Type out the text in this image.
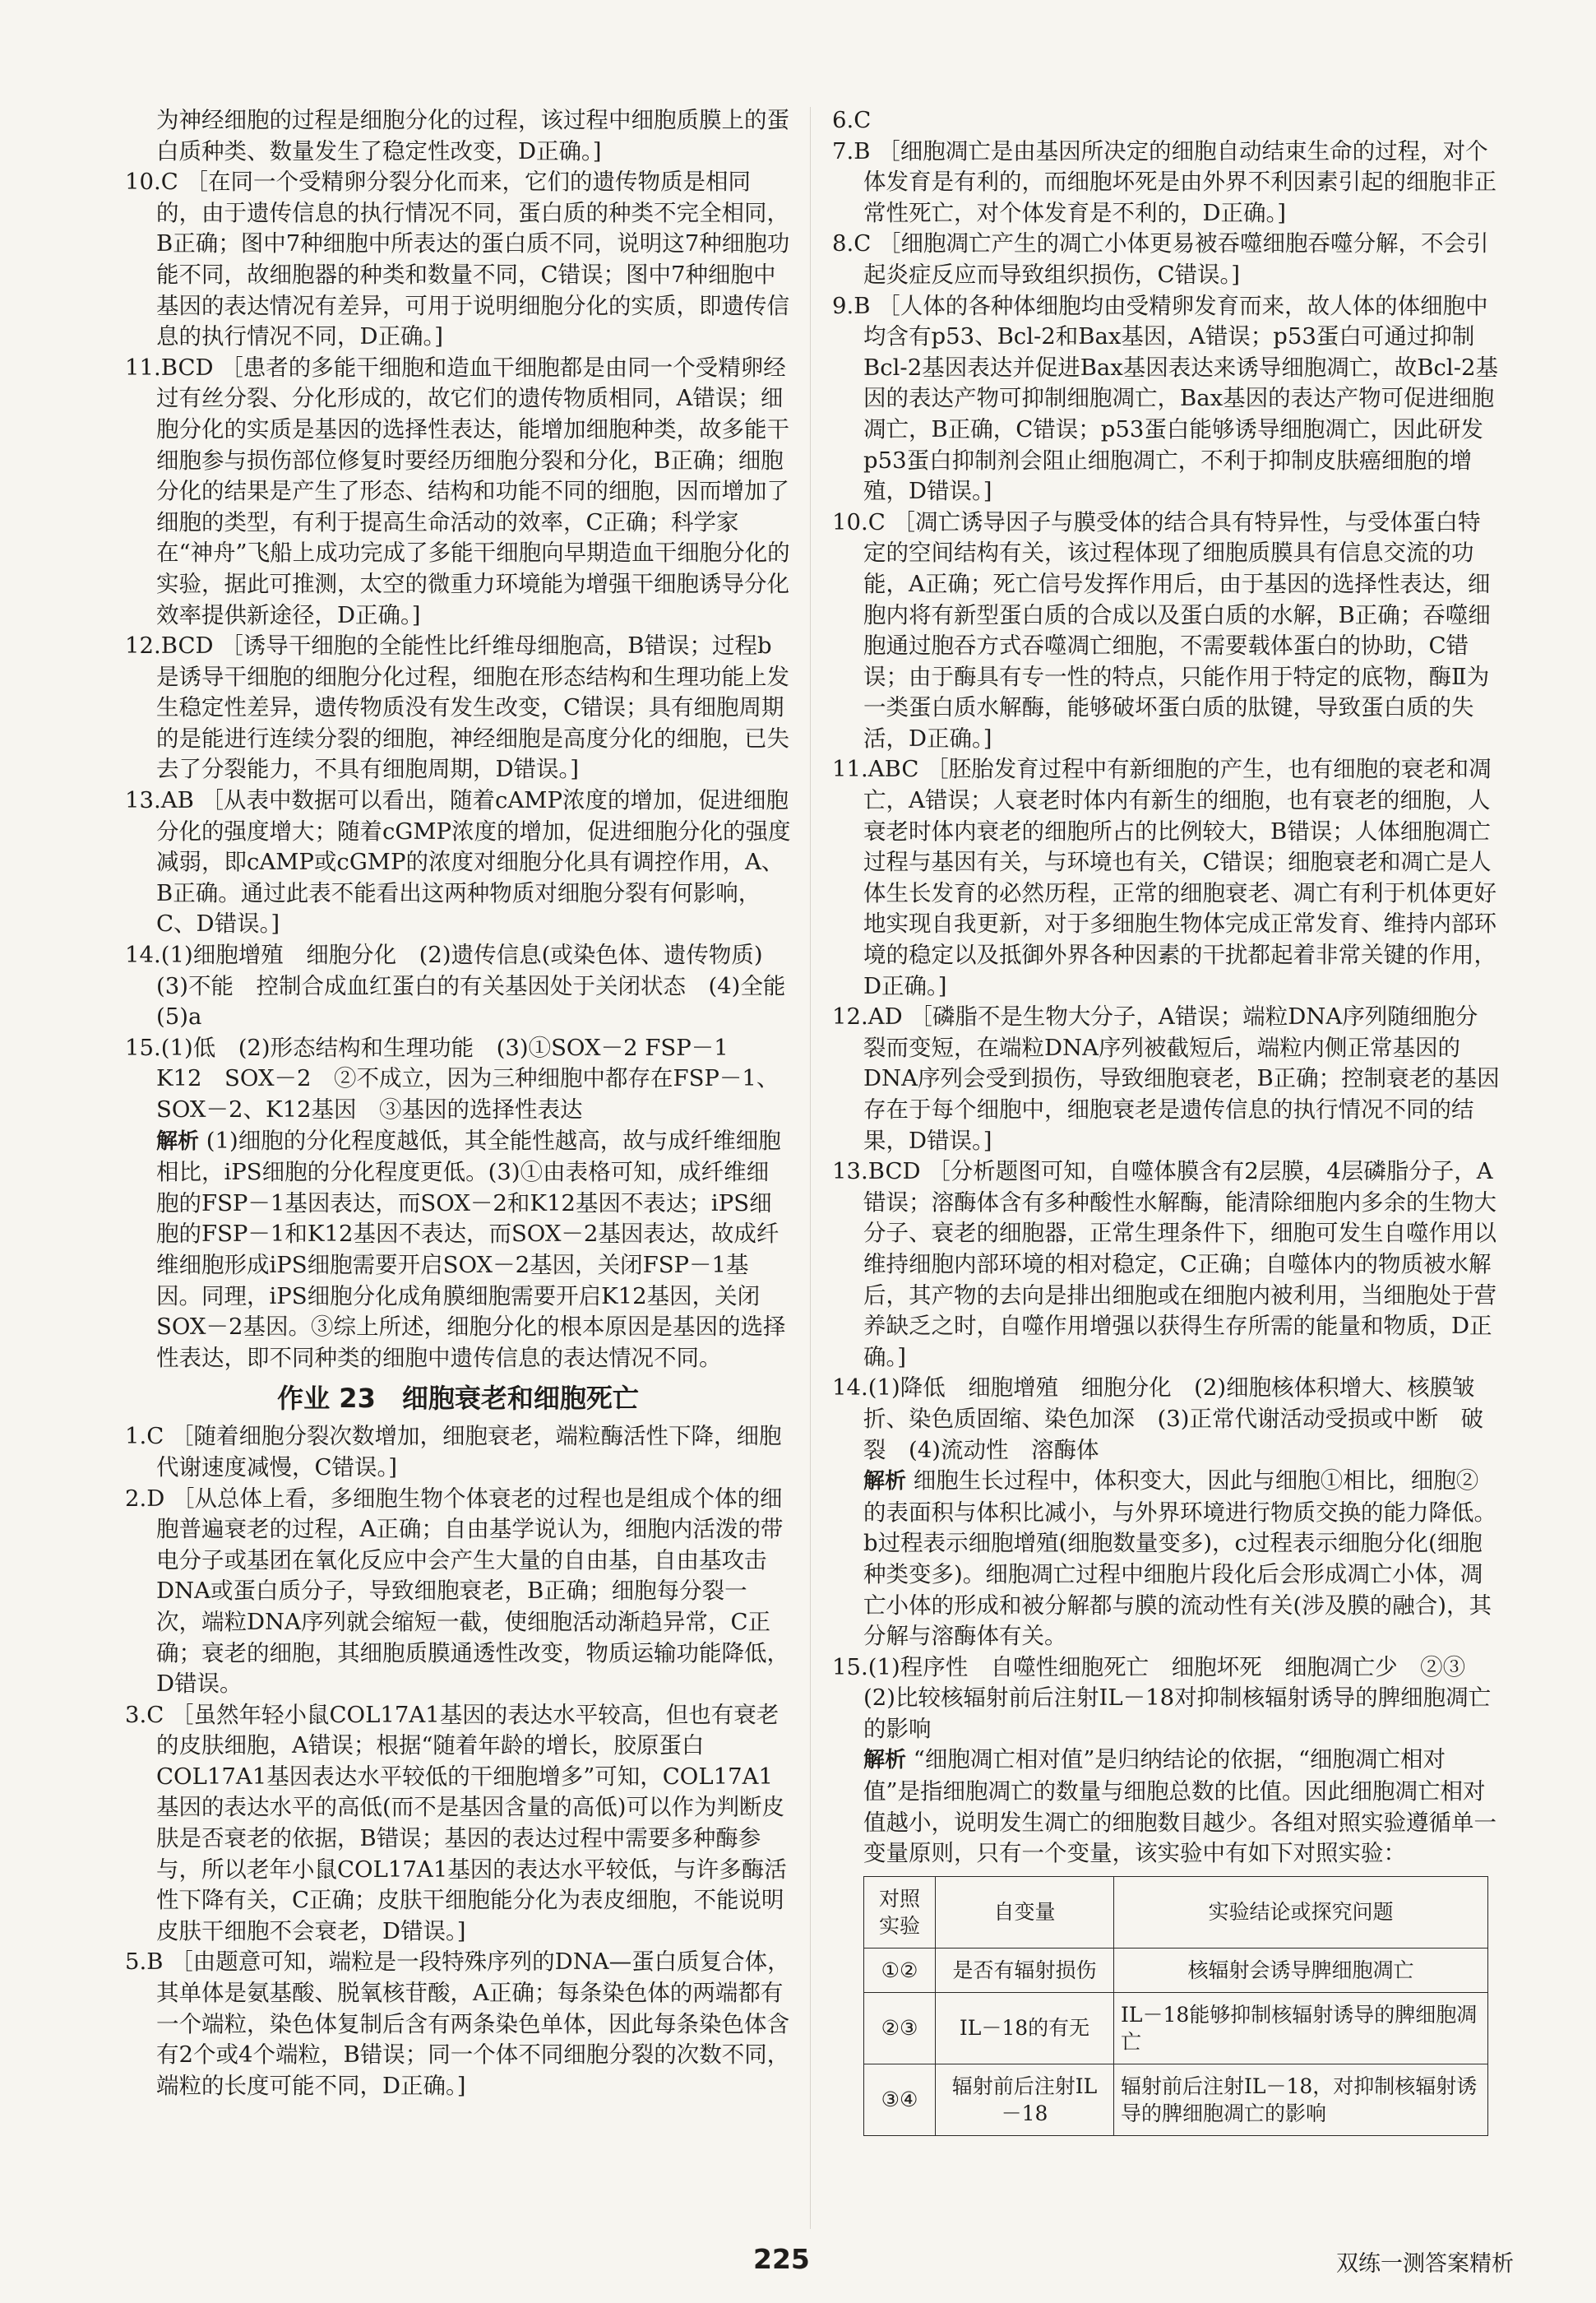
为神经细胞的过程是细胞分化的过程，该过程中细胞质膜上的蛋白质种类、数量发生了稳定性改变，D正确。]
10.C ［在同一个受精卵分裂分化而来，它们的遗传物质是相同的，由于遗传信息的执行情况不同，蛋白质的种类不完全相同，B正确；图中7种细胞中所表达的蛋白质不同，说明这7种细胞功能不同，故细胞器的种类和数量不同，C错误；图中7种细胞中基因的表达情况有差异，可用于说明细胞分化的实质，即遗传信息的执行情况不同，D正确。]
11.BCD ［患者的多能干细胞和造血干细胞都是由同一个受精卵经过有丝分裂、分化形成的，故它们的遗传物质相同，A错误；细胞分化的实质是基因的选择性表达，能增加细胞种类，故多能干细胞参与损伤部位修复时要经历细胞分裂和分化，B正确；细胞分化的结果是产生了形态、结构和功能不同的细胞，因而增加了细胞的类型，有利于提高生命活动的效率，C正确；科学家在“神舟”飞船上成功完成了多能干细胞向早期造血干细胞分化的实验，据此可推测，太空的微重力环境能为增强干细胞诱导分化效率提供新途径，D正确。]
12.BCD ［诱导干细胞的全能性比纤维母细胞高，B错误；过程b是诱导干细胞的细胞分化过程，细胞在形态结构和生理功能上发生稳定性差异，遗传物质没有发生改变，C错误；具有细胞周期的是能进行连续分裂的细胞，神经细胞是高度分化的细胞，已失去了分裂能力，不具有细胞周期，D错误。]
13.AB ［从表中数据可以看出，随着cAMP浓度的增加，促进细胞分化的强度增大；随着cGMP浓度的增加，促进细胞分化的强度减弱，即cAMP或cGMP的浓度对细胞分化具有调控作用，A、B正确。通过此表不能看出这两种物质对细胞分裂有何影响，C、D错误。]
14.(1)细胞增殖　细胞分化　(2)遗传信息(或染色体、遗传物质)　(3)不能　控制合成血红蛋白的有关基因处于关闭状态　(4)全能　(5)a
15.(1)低　(2)形态结构和生理功能　(3)①SOX－2 FSP－1　K12　SOX－2　②不成立，因为三种细胞中都存在FSP－1、SOX－2、K12基因　③基因的选择性表达
解析 (1)细胞的分化程度越低，其全能性越高，故与成纤维细胞相比，iPS细胞的分化程度更低。(3)①由表格可知，成纤维细胞的FSP－1基因表达，而SOX－2和K12基因不表达；iPS细胞的FSP－1和K12基因不表达，而SOX－2基因表达，故成纤维细胞形成iPS细胞需要开启SOX－2基因，关闭FSP－1基因。同理，iPS细胞分化成角膜细胞需要开启K12基因，关闭SOX－2基因。③综上所述，细胞分化的根本原因是基因的选择性表达，即不同种类的细胞中遗传信息的表达情况不同。
作业 23　细胞衰老和细胞死亡
1.C ［随着细胞分裂次数增加，细胞衰老，端粒酶活性下降，细胞代谢速度减慢，C错误。]
2.D ［从总体上看，多细胞生物个体衰老的过程也是组成个体的细胞普遍衰老的过程，A正确；自由基学说认为，细胞内活泼的带电分子或基团在氧化反应中会产生大量的自由基，自由基攻击DNA或蛋白质分子，导致细胞衰老，B正确；细胞每分裂一次，端粒DNA序列就会缩短一截，使细胞活动渐趋异常，C正确；衰老的细胞，其细胞质膜通透性改变，物质运输功能降低，D错误。
3.C ［虽然年轻小鼠COL17A1基因的表达水平较高，但也有衰老的皮肤细胞，A错误；根据“随着年龄的增长，胶原蛋白COL17A1基因表达水平较低的干细胞增多”可知，COL17A1基因的表达水平的高低(而不是基因含量的高低)可以作为判断皮肤是否衰老的依据，B错误；基因的表达过程中需要多种酶参与，所以老年小鼠COL17A1基因的表达水平较低，与许多酶活性下降有关，C正确；皮肤干细胞能分化为表皮细胞，不能说明皮肤干细胞不会衰老，D错误。]
5.B ［由题意可知，端粒是一段特殊序列的DNA—蛋白质复合体，其单体是氨基酸、脱氧核苷酸，A正确；每条染色体的两端都有一个端粒，染色体复制后含有两条染色单体，因此每条染色体含有2个或4个端粒，B错误；同一个体不同细胞分裂的次数不同，端粒的长度可能不同，D正确。]
6.C
7.B ［细胞凋亡是由基因所决定的细胞自动结束生命的过程，对个体发育是有利的，而细胞坏死是由外界不利因素引起的细胞非正常性死亡，对个体发育是不利的，D正确。]
8.C ［细胞凋亡产生的凋亡小体更易被吞噬细胞吞噬分解，不会引起炎症反应而导致组织损伤，C错误。]
9.B ［人体的各种体细胞均由受精卵发育而来，故人体的体细胞中均含有p53、Bcl-2和Bax基因，A错误；p53蛋白可通过抑制Bcl-2基因表达并促进Bax基因表达来诱导细胞凋亡，故Bcl-2基因的表达产物可抑制细胞凋亡，Bax基因的表达产物可促进细胞凋亡，B正确，C错误；p53蛋白能够诱导细胞凋亡，因此研发p53蛋白抑制剂会阻止细胞凋亡，不利于抑制皮肤癌细胞的增殖，D错误。]
10.C ［凋亡诱导因子与膜受体的结合具有特异性，与受体蛋白特定的空间结构有关，该过程体现了细胞质膜具有信息交流的功能，A正确；死亡信号发挥作用后，由于基因的选择性表达，细胞内将有新型蛋白质的合成以及蛋白质的水解，B正确；吞噬细胞通过胞吞方式吞噬凋亡细胞，不需要载体蛋白的协助，C错误；由于酶具有专一性的特点，只能作用于特定的底物，酶Ⅱ为一类蛋白质水解酶，能够破坏蛋白质的肽键，导致蛋白质的失活，D正确。]
11.ABC ［胚胎发育过程中有新细胞的产生，也有细胞的衰老和凋亡，A错误；人衰老时体内有新生的细胞，也有衰老的细胞，人衰老时体内衰老的细胞所占的比例较大，B错误；人体细胞凋亡过程与基因有关，与环境也有关，C错误；细胞衰老和凋亡是人体生长发育的必然历程，正常的细胞衰老、凋亡有利于机体更好地实现自我更新，对于多细胞生物体完成正常发育、维持内部环境的稳定以及抵御外界各种因素的干扰都起着非常关键的作用，D正确。]
12.AD ［磷脂不是生物大分子，A错误；端粒DNA序列随细胞分裂而变短，在端粒DNA序列被截短后，端粒内侧正常基因的DNA序列会受到损伤，导致细胞衰老，B正确；控制衰老的基因存在于每个细胞中，细胞衰老是遗传信息的执行情况不同的结果，D错误。]
13.BCD ［分析题图可知，自噬体膜含有2层膜，4层磷脂分子，A错误；溶酶体含有多种酸性水解酶，能清除细胞内多余的生物大分子、衰老的细胞器，正常生理条件下，细胞可发生自噬作用以维持细胞内部环境的相对稳定，C正确；自噬体内的物质被水解后，其产物的去向是排出细胞或在细胞内被利用，当细胞处于营养缺乏之时，自噬作用增强以获得生存所需的能量和物质，D正确。]
14.(1)降低　细胞增殖　细胞分化　(2)细胞核体积增大、核膜皱折、染色质固缩、染色加深　(3)正常代谢活动受损或中断　破裂　(4)流动性　溶酶体
解析 细胞生长过程中，体积变大，因此与细胞①相比，细胞②的表面积与体积比减小，与外界环境进行物质交换的能力降低。b过程表示细胞增殖(细胞数量变多)，c过程表示细胞分化(细胞种类变多)。细胞凋亡过程中细胞片段化后会形成凋亡小体，凋亡小体的形成和被分解都与膜的流动性有关(涉及膜的融合)，其分解与溶酶体有关。
15.(1)程序性　自噬性细胞死亡　细胞坏死　细胞凋亡少　②③　(2)比较核辐射前后注射IL－18对抑制核辐射诱导的脾细胞凋亡的影响
解析 “细胞凋亡相对值”是归纳结论的依据，“细胞凋亡相对值”是指细胞凋亡的数量与细胞总数的比值。因此细胞凋亡相对值越小，说明发生凋亡的细胞数目越少。各组对照实验遵循单一变量原则，只有一个变量，该实验中有如下对照实验：
对照实验	自变量	实验结论或探究问题
①②	是否有辐射损伤	核辐射会诱导脾细胞凋亡
②③	IL－18的有无	IL－18能够抑制核辐射诱导的脾细胞凋亡
③④	辐射前后注射IL－18	辐射前后注射IL－18，对抑制核辐射诱导的脾细胞凋亡的影响
225	双练一测答案精析
